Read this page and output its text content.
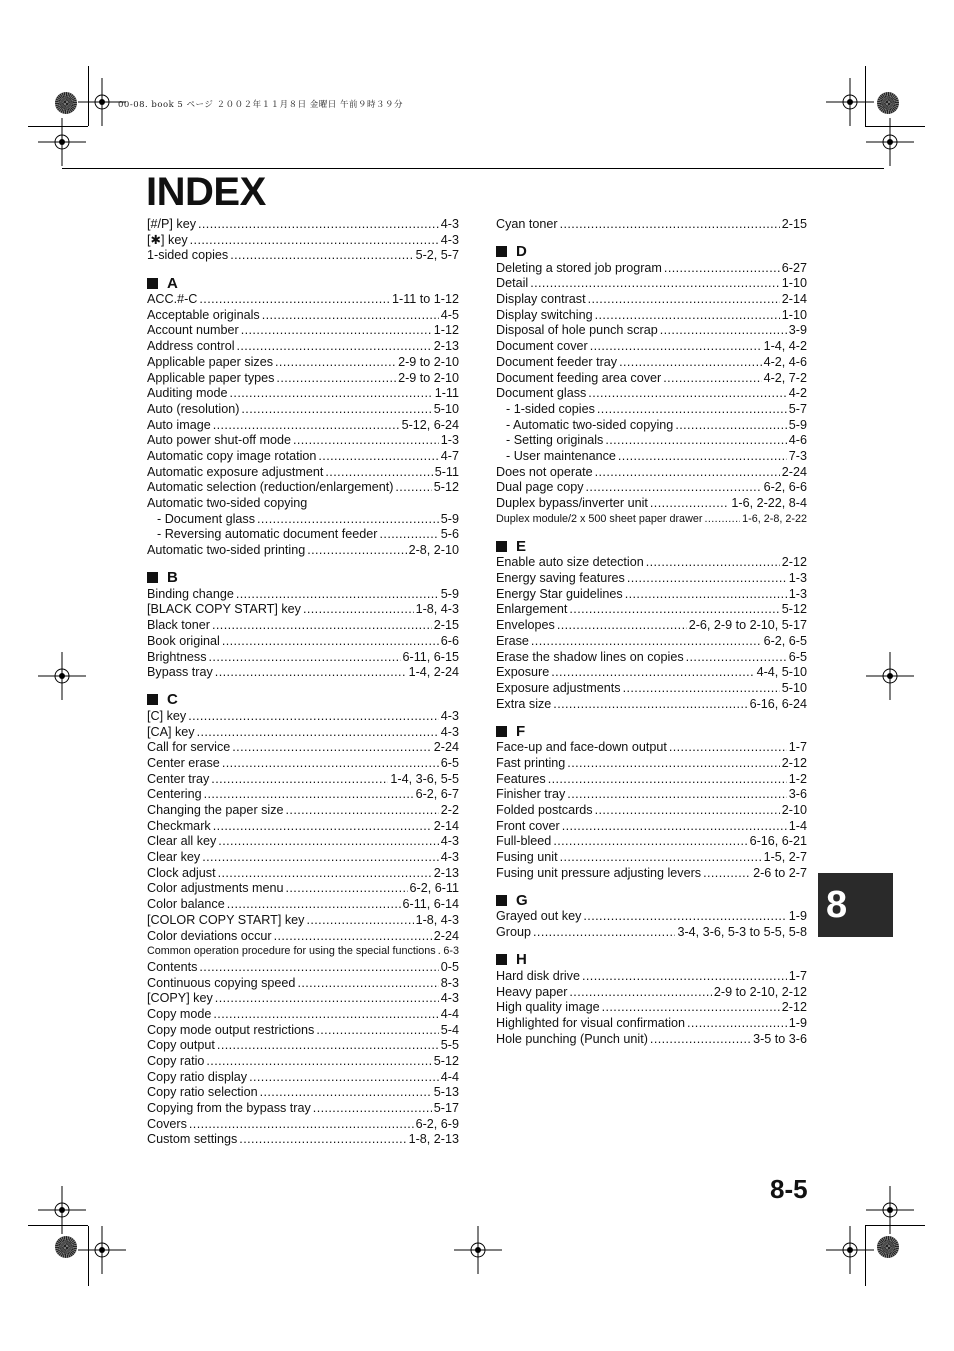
00-08. book 5 ページ ２００２年１１月８日 金曜日 午前９時３９分
INDEX
[#/P] key .....	4-3
[✱] key .....	4-3
1-sided copies .....	5-2, 5-7
A
ACC.#-C .....	1-11 to 1-12
Acceptable originals .....	4-5
Account number .....	1-12
Address control .....	2-13
Applicable paper sizes .....	2-9 to 2-10
Applicable paper types .....	2-9 to 2-10
Auditing mode .....	1-11
Auto (resolution) .....	5-10
Auto image .....	5-12, 6-24
Auto power shut-off mode .....	1-3
Automatic copy image rotation .....	4-7
Automatic exposure adjustment .....	5-11
Automatic selection (reduction/enlargement) .....	5-12
Automatic two-sided copying
- Document glass .....	5-9
- Reversing automatic document feeder .....	5-6
Automatic two-sided printing .....	2-8, 2-10
B
Binding change .....	5-9
[BLACK COPY START] key .....	1-8, 4-3
Black toner .....	2-15
Book original .....	6-6
Brightness .....	6-11, 6-15
Bypass tray .....	1-4, 2-24
C
[C] key .....	4-3
[CA] key .....	4-3
Call for service .....	2-24
Center erase .....	6-5
Center tray .....	1-4, 3-6, 5-5
Centering .....	6-2, 6-7
Changing the paper size .....	2-2
Checkmark .....	2-14
Clear all key .....	4-3
Clear key .....	4-3
Clock adjust .....	2-13
Color adjustments menu .....	6-2, 6-11
Color balance .....	6-11, 6-14
[COLOR COPY START] key .....	1-8, 4-3
Color deviations occur .....	2-24
Common operation procedure for using the special functions ..... 6-3
Contents .....	0-5
Continuous copying speed .....	8-3
[COPY] key .....	4-3
Copy mode .....	4-4
Copy mode output restrictions .....	5-4
Copy output .....	5-5
Copy ratio .....	5-12
Copy ratio display .....	4-4
Copy ratio selection .....	5-13
Copying from the bypass tray .....	5-17
Covers .....	6-2, 6-9
Custom settings .....	1-8, 2-13
Cyan toner .....	2-15
D
Deleting a stored job program .....	6-27
Detail .....	1-10
Display contrast .....	2-14
Display switching .....	1-10
Disposal of hole punch scrap .....	3-9
Document cover .....	1-4, 4-2
Document feeder tray .....	4-2, 4-6
Document feeding area cover .....	4-2, 7-2
Document glass .....	4-2
- 1-sided copies .....	5-7
- Automatic two-sided copying .....	5-9
- Setting originals .....	4-6
- User maintenance .....	7-3
Does not operate .....	2-24
Dual page copy .....	6-2, 6-6
Duplex bypass/inverter unit .....	1-6, 2-22, 8-4
Duplex module/2 x 500 sheet paper drawer .....	1-6, 2-8, 2-22
E
Enable auto size detection .....	2-12
Energy saving features .....	1-3
Energy Star guidelines .....	1-3
Enlargement .....	5-12
Envelopes .....	2-6, 2-9 to 2-10, 5-17
Erase .....	6-2, 6-5
Erase the shadow lines on copies .....	6-5
Exposure .....	4-4, 5-10
Exposure adjustments .....	5-10
Extra size .....	6-16, 6-24
F
Face-up and face-down output .....	1-7
Fast printing .....	2-12
Features .....	1-2
Finisher tray .....	3-6
Folded postcards .....	2-10
Front cover .....	1-4
Full-bleed .....	6-16, 6-21
Fusing unit .....	1-5, 2-7
Fusing unit pressure adjusting levers .....	2-6 to 2-7
G
Grayed out key .....	1-9
Group .....	3-4, 3-6, 5-3 to 5-5, 5-8
H
Hard disk drive .....	1-7
Heavy paper .....	2-9 to 2-10, 2-12
High quality image .....	2-12
Highlighted for visual confirmation .....	1-9
Hole punching (Punch unit) .....	3-5 to 3-6
8
8-5
